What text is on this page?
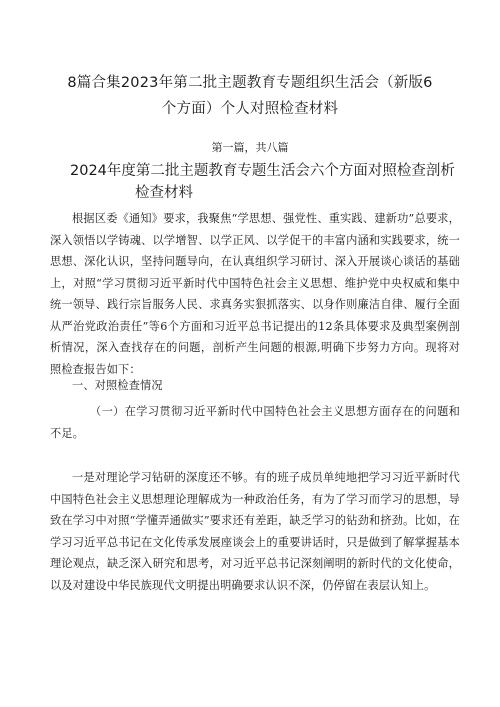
8篇合集2023年第二批主题教育专题组织生活会（新版6
个方面）个人对照检查材料
第一篇，共八篇
2024年度第二批主题教育专题生活会六个方面对照检查剖析
检查材料

根据区委《通知》要求，我聚焦“学思想、强党性、重实践、建新功”总要求，深入领悟以学铸魂、以学增智、以学正风、以学促干的丰富内涵和实践要求，统一思想、深化认识，坚持问题导向，在认真组织学习研讨、深入开展谈心谈话的基础上，对照“学习贯彻习近平新时代中国特色社会主义思想、维护党中央权威和集中统一领导、践行宗旨服务人民、求真务实狠抓落实、以身作则廉洁自律、履行全面从严治党政治责任”等6个方面和习近平总书记提出的12条具体要求及典型案例剖析情况，深入查找存在的问题，剖析产生问题的根源,明确下步努力方向。现将对照检查报告如下：

一、对照检查情况

（一）在学习贯彻习近平新时代中国特色社会主义思想方面存在的问题和不足。

一是对理论学习钻研的深度还不够。有的班子成员单纯地把学习习近平新时代中国特色社会主义思想理论理解成为一种政治任务，有为了学习而学习的思想，导致在学习中对照“学懂弄通做实”要求还有差距，缺乏学习的钻劲和挤劲。比如，在学习习近平总书记在文化传承发展座谈会上的重要讲话时，只是做到了解掌握基本理论观点，缺乏深入研究和思考，对习近平总书记深刻阐明的新时代的文化使命，以及对建设中华民族现代文明提出明确要求认识不深，仍停留在表层认知上。
